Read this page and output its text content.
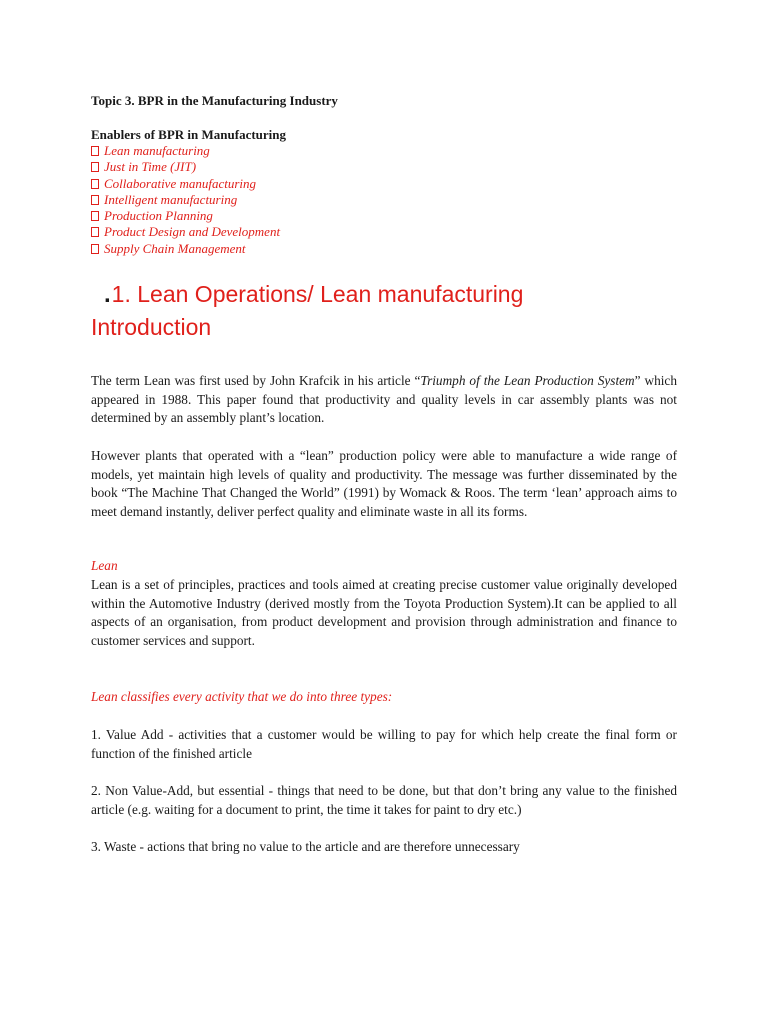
Topic 3. BPR in the Manufacturing Industry
Enablers of BPR in Manufacturing
Lean manufacturing
Just in Time (JIT)
Collaborative manufacturing
Intelligent manufacturing
Production Planning
Product Design and Development
Supply Chain Management
.1. Lean Operations/ Lean manufacturing
Introduction
The term Lean was first used by John Krafcik in his article “Triumph of the Lean Production System” which appeared in 1988. This paper found that productivity and quality levels in car assembly plants was not determined by an assembly plant’s location.
However plants that operated with a “lean” production policy were able to manufacture a wide range of models, yet maintain high levels of quality and productivity. The message was further disseminated by the book “The Machine That Changed the World” (1991) by Womack & Roos. The term ‘lean’ approach aims to meet demand instantly, deliver perfect quality and eliminate waste in all its forms.
Lean
Lean is a set of principles, practices and tools aimed at creating precise customer value originally developed within the Automotive Industry (derived mostly from the Toyota Production System).It can be applied to all aspects of an organisation, from product development and provision through administration and finance to customer services and support.
Lean classifies every activity that we do into three types:
1. Value Add - activities that a customer would be willing to pay for which help create the final form or function of the finished article
2. Non Value-Add, but essential - things that need to be done, but that don’t bring any value to the finished article (e.g. waiting for a document to print, the time it takes for paint to dry etc.)
3. Waste - actions that bring no value to the article and are therefore unnecessary
